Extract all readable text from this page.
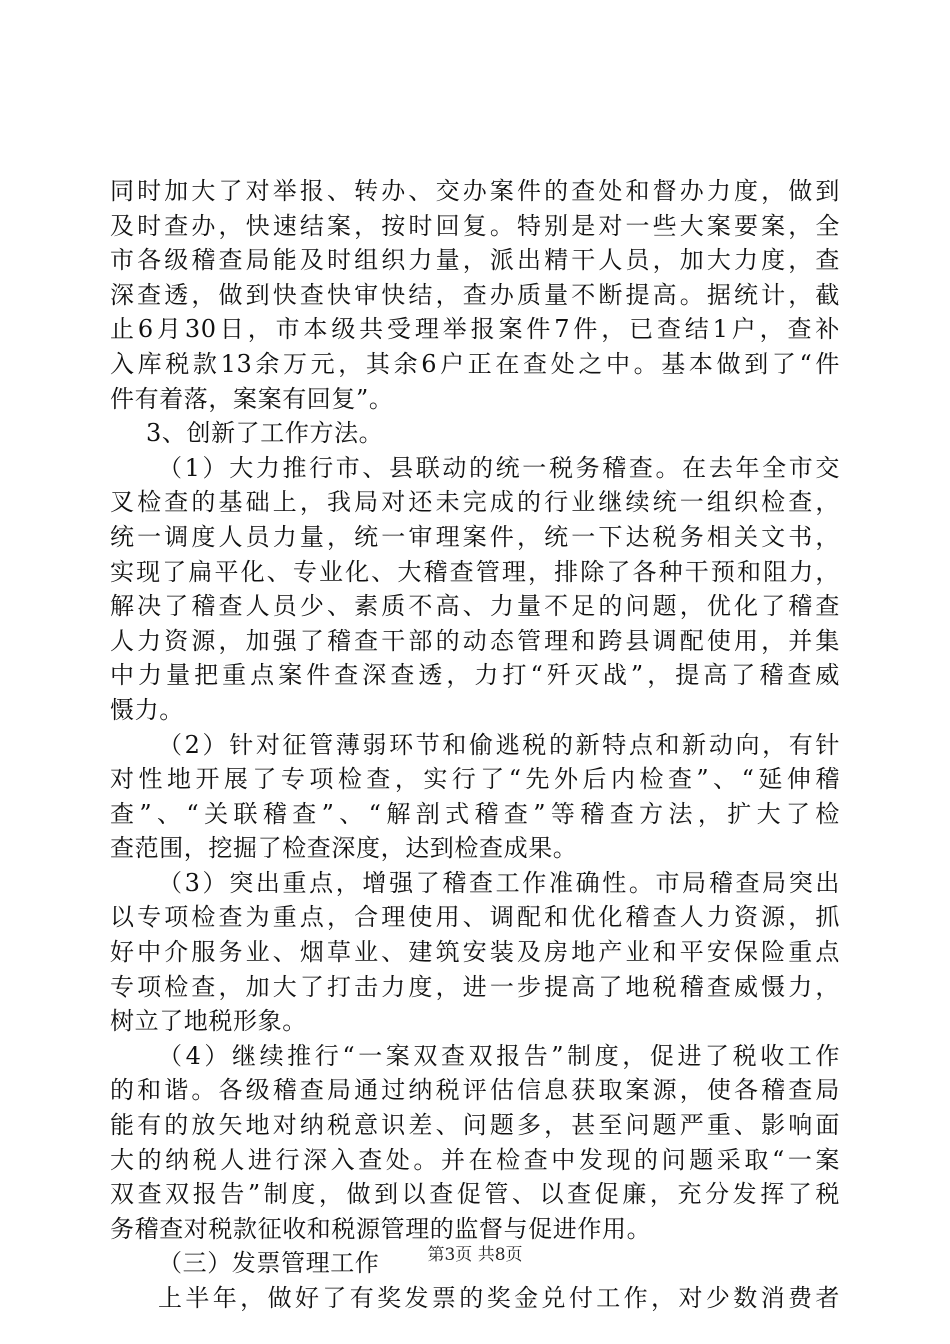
同时加大了对举报、转办、交办案件的查处和督办力度，做到
及时查办，快速结案，按时回复。特别是对一些大案要案，全
市各级稽查局能及时组织力量，派出精干人员，加大力度，查
深查透，做到快查快审快结，查办质量不断提高。据统计，截
止6月30日，市本级共受理举报案件7件，已查结1户，查补
入库税款13余万元，其余6户正在查处之中。基本做到了“件
件有着落，案案有回复”。
3、创新了工作方法。
（1）大力推行市、县联动的统一税务稽查。在去年全市交
叉检查的基础上，我局对还未完成的行业继续统一组织检查，
统一调度人员力量，统一审理案件，统一下达税务相关文书，
实现了扁平化、专业化、大稽查管理，排除了各种干预和阻力，
解决了稽查人员少、素质不高、力量不足的问题，优化了稽查
人力资源，加强了稽查干部的动态管理和跨县调配使用，并集
中力量把重点案件查深查透，力打“歼灭战”，提高了稽查威
慑力。
（2）针对征管薄弱环节和偷逃税的新特点和新动向，有针
对性地开展了专项检查，实行了“先外后内检查”、“延伸稽
查”、“关联稽查”、“解剖式稽查”等稽查方法，扩大了检
查范围，挖掘了检查深度，达到检查成果。
（3）突出重点，增强了稽查工作准确性。市局稽查局突出
以专项检查为重点，合理使用、调配和优化稽查人力资源，抓
好中介服务业、烟草业、建筑安装及房地产业和平安保险重点
专项检查，加大了打击力度，进一步提高了地税稽查威慑力，
树立了地税形象。
（4）继续推行“一案双查双报告”制度，促进了税收工作
的和谐。各级稽查局通过纳税评估信息获取案源，使各稽查局
能有的放矢地对纳税意识差、问题多，甚至问题严重、影响面
大的纳税人进行深入查处。并在检查中发现的问题采取“一案
双查双报告”制度，做到以查促管、以查促廉，充分发挥了税
务稽查对税款征收和税源管理的监督与促进作用。
（三）发票管理工作
上半年，做好了有奖发票的奖金兑付工作，对少数消费者
第3页 共8页
